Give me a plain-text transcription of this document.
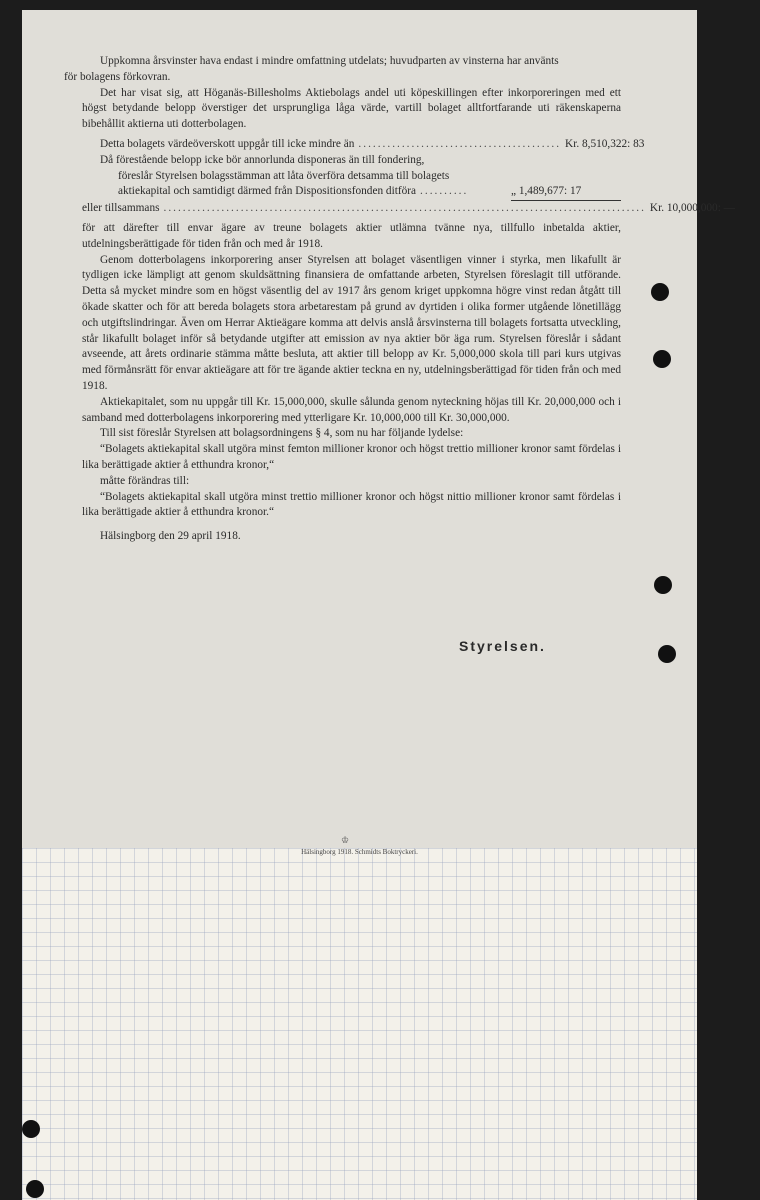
Uppkomna årsvinster hava endast i mindre omfattning utdelats; huvudparten av vinsterna har använts
för bolagens förkovran.

Det har visat sig, att Höganäs-Billesholms Aktiebolags andel uti köpeskillingen efter inkorporeringen med ett högst betydande belopp överstiger det ursprungliga låga värde, vartill bolaget alltfortfarande uti räkenskaperna bibehållit aktierna uti dotterbolagen.

Detta bolagets värdeöverskott uppgår till icke mindre än .......................................... Kr. 8,510,322: 83
Då förestående belopp icke bör annorlunda disponeras än till fondering,
föreslår Styrelsen bolagsstämman att låta överföra detsamma till bolagets
aktiekapital och samtidigt därmed från Dispositionsfonden ditföra ..........	„ 1,489,677: 17
eller tillsammans .................................................................................................... Kr. 10,000,000: —

för att därefter till envar ägare av treune bolagets aktier utlämna tvänne nya, tillfullo inbetalda aktier, utdelningsberättigade för tiden från och med år 1918.

Genom dotterbolagens inkorporering anser Styrelsen att bolaget väsentligen vinner i styrka, men likafullt är tydligen icke lämpligt att genom skuldsättning finansiera de omfattande arbeten, Styrelsen föreslagit till utförande. Detta så mycket mindre som en högst väsentlig del av 1917 års genom kriget uppkomna högre vinst redan åtgått till ökade skatter och för att bereda bolagets stora arbetarestam på grund av dyrtiden i olika former utgående lönetillägg och utgiftslindringar. Även om Herrar Aktieägare komma att delvis anslå årsvinsterna till bolagets fortsatta utveckling, står likafullt bolaget inför så betydande utgifter att emission av nya aktier bör äga rum. Styrelsen föreslår i sådant avseende, att årets ordinarie stämma måtte besluta, att aktier till belopp av Kr. 5,000,000 skola till pari kurs utgivas med förmånsrätt för envar aktieägare att för tre ägande aktier teckna en ny, utdelningsberättigad för tiden från och med 1918.

Aktiekapitalet, som nu uppgår till Kr. 15,000,000, skulle sålunda genom nyteckning höjas till Kr. 20,000,000 och i samband med dotterbolagens inkorporering med ytterligare Kr. 10,000,000 till Kr. 30,000,000.

Till sist föreslår Styrelsen att bolagsordningens § 4, som nu har följande lydelse:

“Bolagets aktiekapital skall utgöra minst femton millioner kronor och högst trettio millioner kronor samt fördelas i lika berättigade aktier å etthundra kronor,“

måtte förändras till:

“Bolagets aktiekapital skall utgöra minst trettio millioner kronor och högst nittio millioner kronor samt fördelas i lika berättigade aktier å etthundra kronor.“

Hälsingborg den 29 april 1918.

Styrelsen.
♔
Hälsingborg 1918. Schmidts Boktryckeri.
